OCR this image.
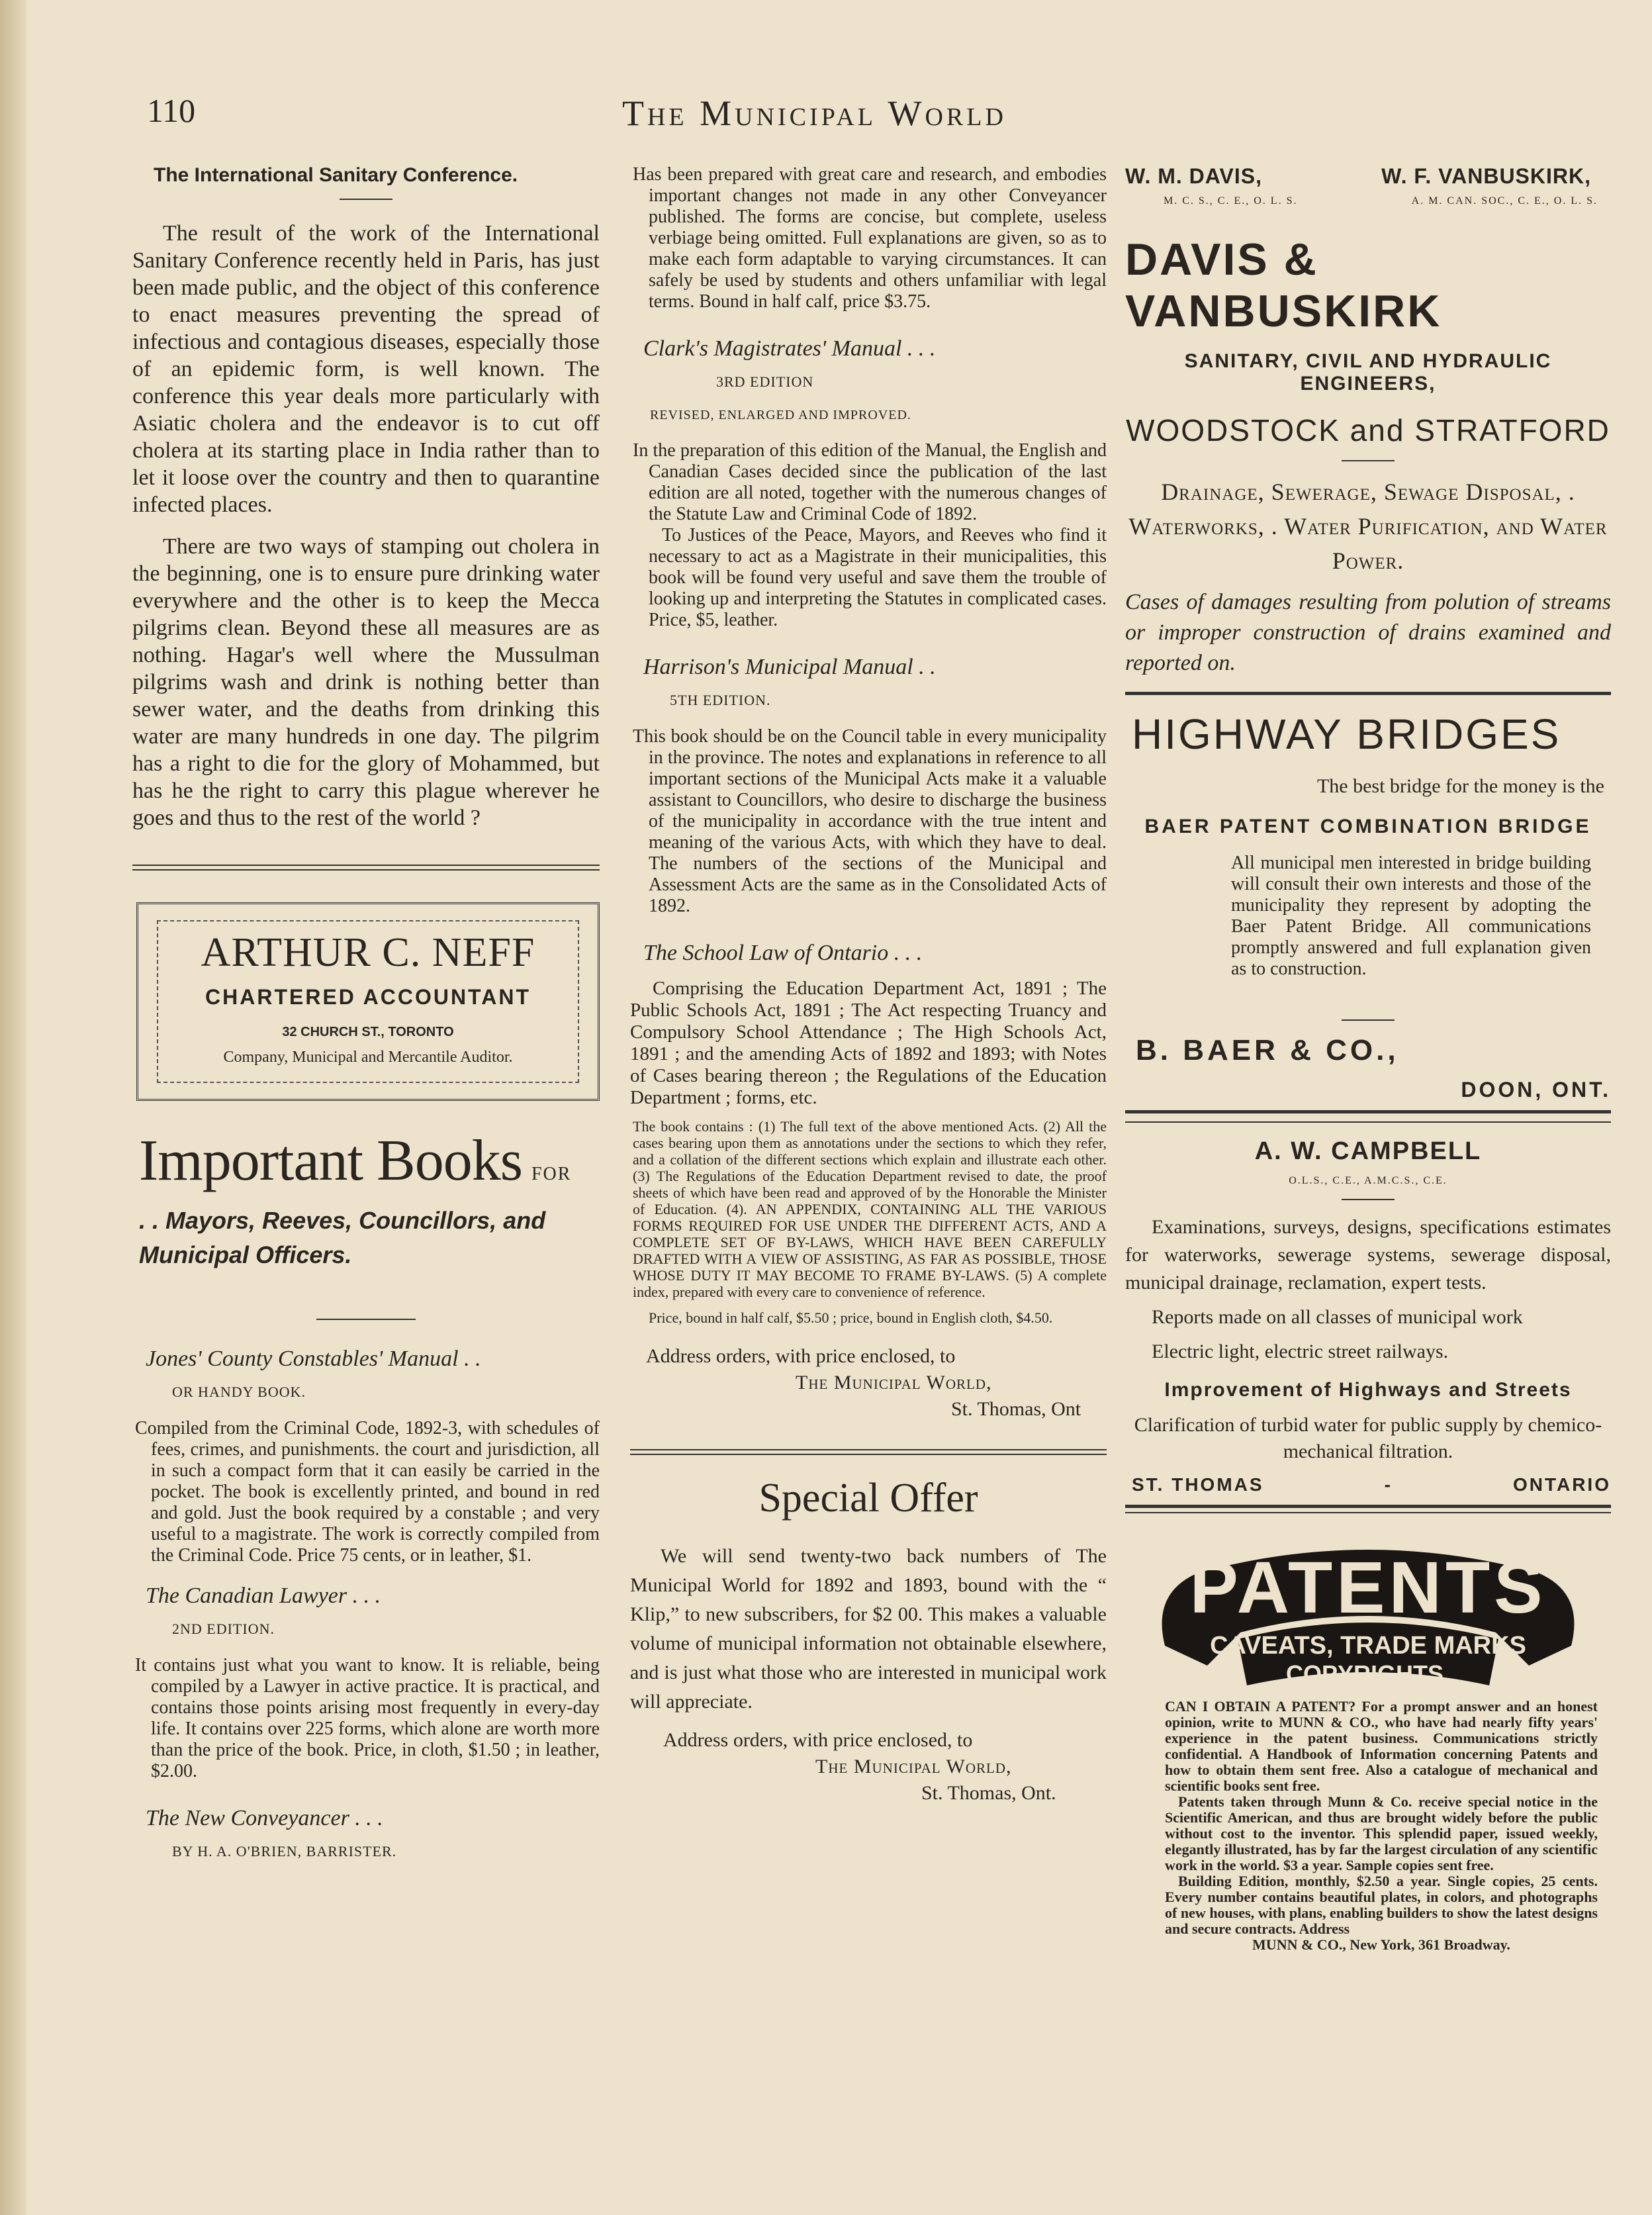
110	The Municipal World
The International Sanitary Conference.

The result of the work of the International Sanitary Conference recently held in Paris, has just been made public, and the object of this conference to enact measures preventing the spread of infectious and contagious diseases, especially those of an epidemic form, is well known. The conference this year deals more particularly with Asiatic cholera and the endeavor is to cut off cholera at its starting place in India rather than to let it loose over the country and then to quarantine infected places.

There are two ways of stamping out cholera in the beginning, one is to ensure pure drinking water everywhere and the other is to keep the Mecca pilgrims clean. Beyond these all measures are as nothing. Hagar's well where the Mussulman pilgrims wash and drink is nothing better than sewer water, and the deaths from drinking this water are many hundreds in one day. The pilgrim has a right to die for the glory of Mohammed, but has he the right to carry this plague wherever he goes and thus to the rest of the world ?

ARTHUR C. NEFF
CHARTERED ACCOUNTANT
32 CHURCH ST., TORONTO
Company, Municipal and Mercantile Auditor.
Important Books FOR
. . Mayors, Reeves, Councillors, and Municipal Officers.
Jones' County Constables' Manual . .
OR HANDY BOOK.

Compiled from the Criminal Code, 1892-3, with schedules of fees, crimes, and punishments. the court and jurisdiction, all in such a compact form that it can easily be carried in the pocket. The book is excellently printed, and bound in red and gold. Just the book required by a constable ; and very useful to a magistrate. The work is correctly compiled from the Criminal Code. Price 75 cents, or in leather, $1.

The Canadian Lawyer . . .
2ND EDITION.

It contains just what you want to know. It is reliable, being compiled by a Lawyer in active practice. It is practical, and contains those points arising most frequently in every-day life. It contains over 225 forms, which alone are worth more than the price of the book. Price, in cloth, $1.50 ; in leather, $2.00.

The New Conveyancer . . .
BY H. A. O'BRIEN, BARRISTER.

Has been prepared with great care and research, and embodies important changes not made in any other Conveyancer published. The forms are concise, but complete, useless verbiage being omitted. Full explanations are given, so as to make each form adaptable to varying circumstances. It can safely be used by students and others unfamiliar with legal terms. Bound in half calf, price $3.75.

Clark's Magistrates' Manual . . .
3RD EDITION
REVISED, ENLARGED AND IMPROVED.

In the preparation of this edition of the Manual, the English and Canadian Cases decided since the publication of the last edition are all noted, together with the numerous changes of the Statute Law and Criminal Code of 1892.

To Justices of the Peace, Mayors, and Reeves who find it necessary to act as a Magistrate in their municipalities, this book will be found very useful and save them the trouble of looking up and interpreting the Statutes in complicated cases. Price, $5, leather.

Harrison's Municipal Manual . .
5TH EDITION.

This book should be on the Council table in every municipality in the province. The notes and explanations in reference to all important sections of the Municipal Acts make it a valuable assistant to Councillors, who desire to discharge the business of the municipality in accordance with the true intent and meaning of the various Acts, with which they have to deal. The numbers of the sections of the Municipal and Assessment Acts are the same as in the Consolidated Acts of 1892.

The School Law of Ontario . . .

Comprising the Education Department Act, 1891 ; The Public Schools Act, 1891 ; The Act respecting Truancy and Compulsory School Attendance ; The High Schools Act, 1891 ; and the amending Acts of 1892 and 1893; with Notes of Cases bearing thereon ; the Regulations of the Education Department ; forms, etc.

The book contains : (1) The full text of the above mentioned Acts. (2) All the cases bearing upon them as annotations under the sections to which they refer, and a collation of the different sections which explain and illustrate each other. (3) The Regulations of the Education Department revised to date, the proof sheets of which have been read and approved of by the Honorable the Minister of Education. (4). AN APPENDIX, CONTAINING ALL THE VARIOUS FORMS REQUIRED FOR USE UNDER THE DIFFERENT ACTS, AND A COMPLETE SET OF BY-LAWS, WHICH HAVE BEEN CAREFULLY DRAFTED WITH A VIEW OF ASSISTING, AS FAR AS POSSIBLE, THOSE WHOSE DUTY IT MAY BECOME TO FRAME BY-LAWS. (5) A complete index, prepared with every care to convenience of reference.

Price, bound in half calf, $5.50 ; price, bound in English cloth, $4.50.

Address orders, with price enclosed, to
The Municipal World,
St. Thomas, Ont
Special Offer

We will send twenty-two back numbers of The Municipal World for 1892 and 1893, bound with the “ Klip,” to new subscribers, for $2 00. This makes a valuable volume of municipal information not obtainable elsewhere, and is just what those who are interested in municipal work will appreciate.

Address orders, with price enclosed, to
The Municipal World,
St. Thomas, Ont.
W. M. DAVIS,	W. F. VANBUSKIRK,
M. C. S., C. E., O. L. S.	A. M. CAN. SOC., C. E., O. L. S.
DAVIS & VANBUSKIRK
SANITARY, CIVIL AND HYDRAULIC ENGINEERS,
WOODSTOCK and STRATFORD
Drainage, Sewerage, Sewage Disposal, . Waterworks, . Water Purification, and Water Power.
Cases of damages resulting from polution of streams or improper construction of drains examined and reported on.
HIGHWAY BRIDGES
The best bridge for the money is the
BAER PATENT COMBINATION BRIDGE

All municipal men interested in bridge building will consult their own interests and those of the municipality they represent by adopting the Baer Patent Bridge. All communications promptly answered and full explanation given as to construction.

B. BAER & CO.,
DOON, ONT.
A. W. CAMPBELL
O.L.S., C.E., A.M.C.S., C.E.

Examinations, surveys, designs, specifications estimates for waterworks, sewerage systems, sewerage disposal, municipal drainage, reclamation, expert tests.

Reports made on all classes of municipal work

Electric light, electric street railways.

Improvement of Highways and Streets

Clarification of turbid water for public supply by chemico-mechanical filtration.

ST. THOMAS	-	ONTARIO
PATENTS
CAVEATS, TRADE MARKS
COPYRIGHTS.

CAN I OBTAIN A PATENT? For a prompt answer and an honest opinion, write to MUNN & CO., who have had nearly fifty years' experience in the patent business. Communications strictly confidential. A Handbook of Information concerning Patents and how to obtain them sent free. Also a catalogue of mechanical and scientific books sent free.

Patents taken through Munn & Co. receive special notice in the Scientific American, and thus are brought widely before the public without cost to the inventor. This splendid paper, issued weekly, elegantly illustrated, has by far the largest circulation of any scientific work in the world. $3 a year. Sample copies sent free.

Building Edition, monthly, $2.50 a year. Single copies, 25 cents. Every number contains beautiful plates, in colors, and photographs of new houses, with plans, enabling builders to show the latest designs and secure contracts. Address

MUNN & CO., New York, 361 Broadway.
